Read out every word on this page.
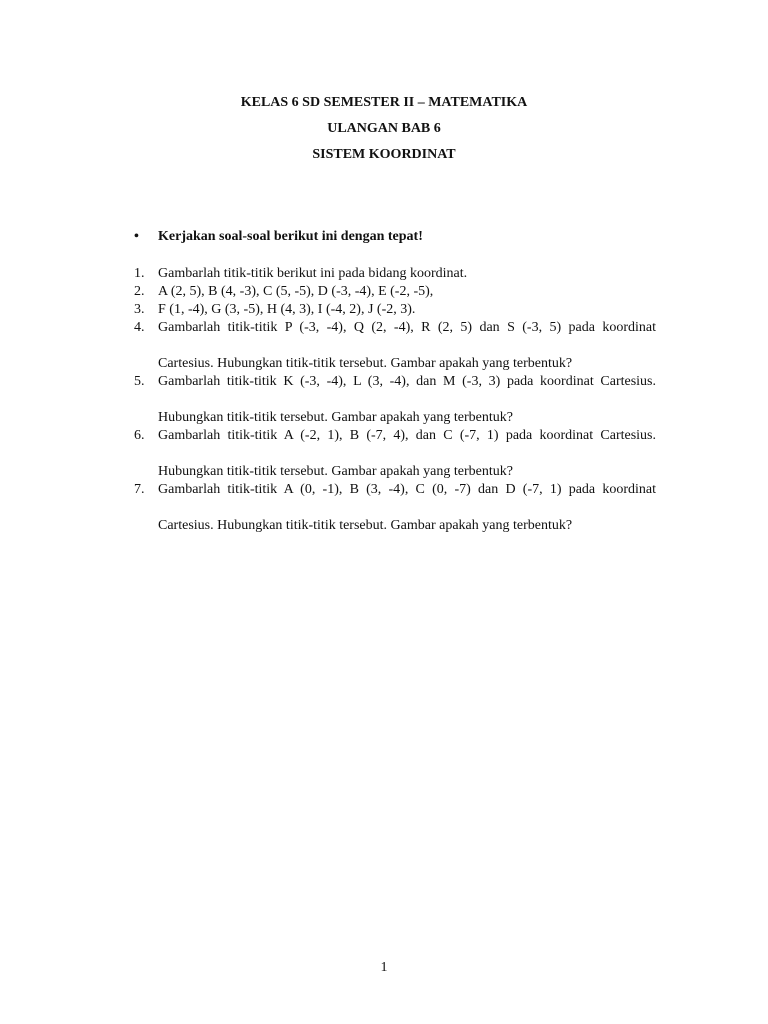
KELAS 6 SD SEMESTER II – MATEMATIKA
ULANGAN BAB 6
SISTEM KOORDINAT
• Kerjakan soal-soal berikut ini dengan tepat!
1. Gambarlah titik-titik berikut ini pada bidang koordinat.
2. A (2, 5), B (4, -3), C (5, -5), D (-3, -4), E (-2, -5),
3. F (1, -4), G (3, -5), H (4, 3), I (-4, 2), J (-2, 3).
4. Gambarlah titik-titik P (-3, -4), Q (2, -4), R (2, 5) dan S (-3, 5) pada koordinat
Cartesius. Hubungkan titik-titik tersebut. Gambar apakah yang terbentuk?
5. Gambarlah titik-titik K (-3, -4), L (3, -4), dan M (-3, 3) pada koordinat Cartesius.
Hubungkan titik-titik tersebut. Gambar apakah yang terbentuk?
6. Gambarlah titik-titik A (-2, 1), B (-7, 4), dan C (-7, 1) pada koordinat Cartesius.
Hubungkan titik-titik tersebut. Gambar apakah yang terbentuk?
7. Gambarlah titik-titik A (0, -1), B (3, -4), C (0, -7) dan D (-7, 1) pada koordinat
Cartesius. Hubungkan titik-titik tersebut. Gambar apakah yang terbentuk?
1
